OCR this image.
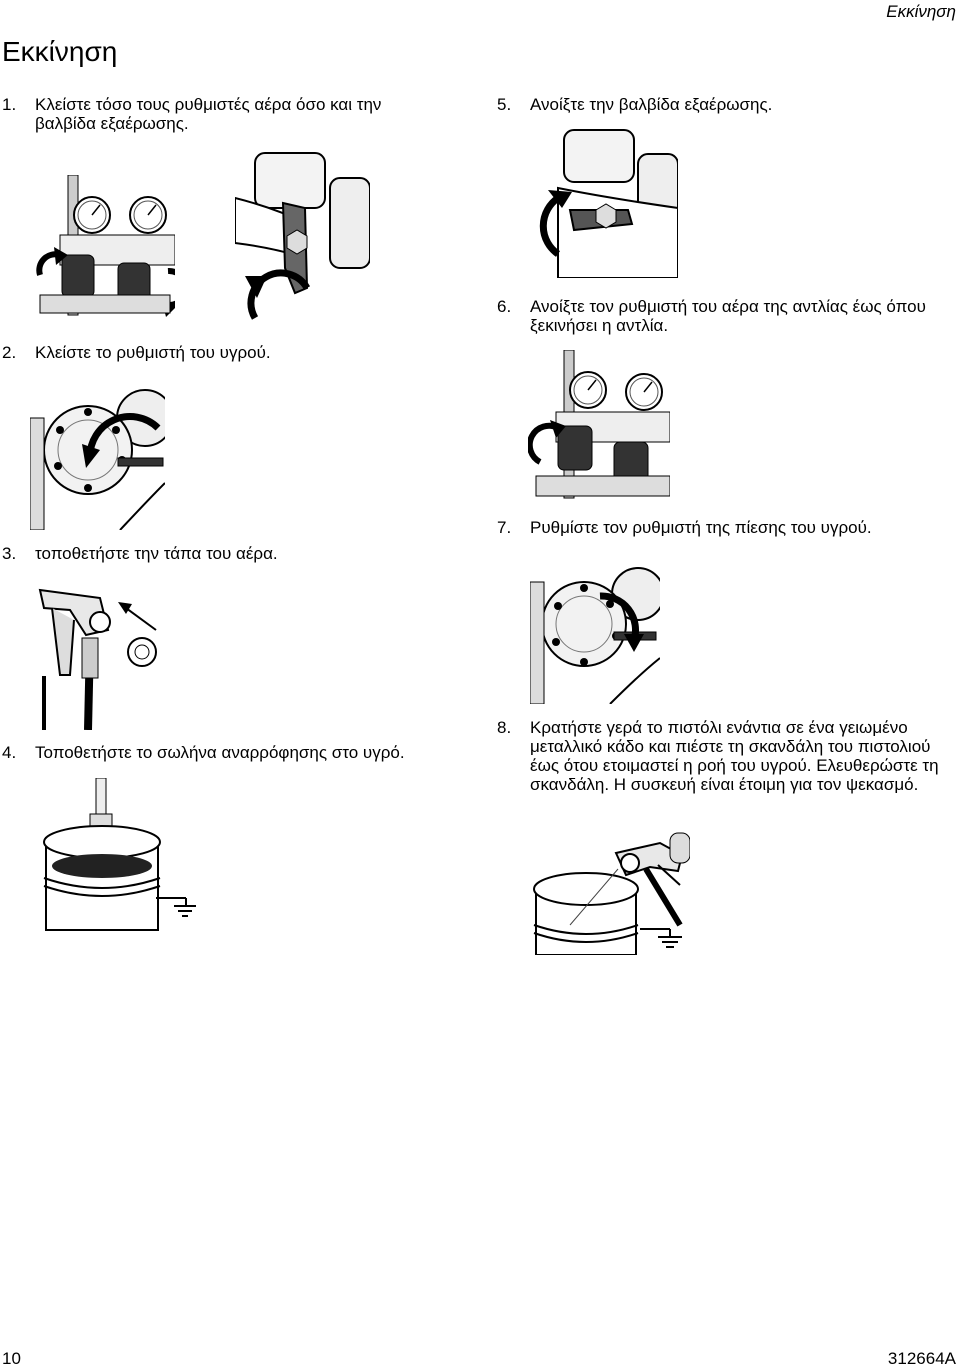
Εκκίνηση
Εκκίνηση
1. Κλείστε τόσο τους ρυθμιστές αέρα όσο και την βαλβίδα εξαέρωσης.
2. Κλείστε το ρυθμιστή του υγρού.
3. τοποθετήστε την τάπα του αέρα.
4. Τοποθετήστε το σωλήνα αναρρόφησης στο υγρό.
5. Ανοίξτε την βαλβίδα εξαέρωσης.
6. Ανοίξτε τον ρυθμιστή του αέρα της αντλίας έως όπου ξεκινήσει η αντλία.
7. Ρυθμίστε τον ρυθμιστή της πίεσης του υγρού.
8. Κρατήστε γερά το πιστόλι ενάντια σε ένα γειωμένο μεταλλικό κάδο και πιέστε τη σκανδάλη του πιστολιού έως ότου ετοιμαστεί η ροή του υγρού. Ελευθερώστε τη σκανδάλη. Η συσκευή είναι έτοιμη για τον ψεκασμό.
10	312664A
